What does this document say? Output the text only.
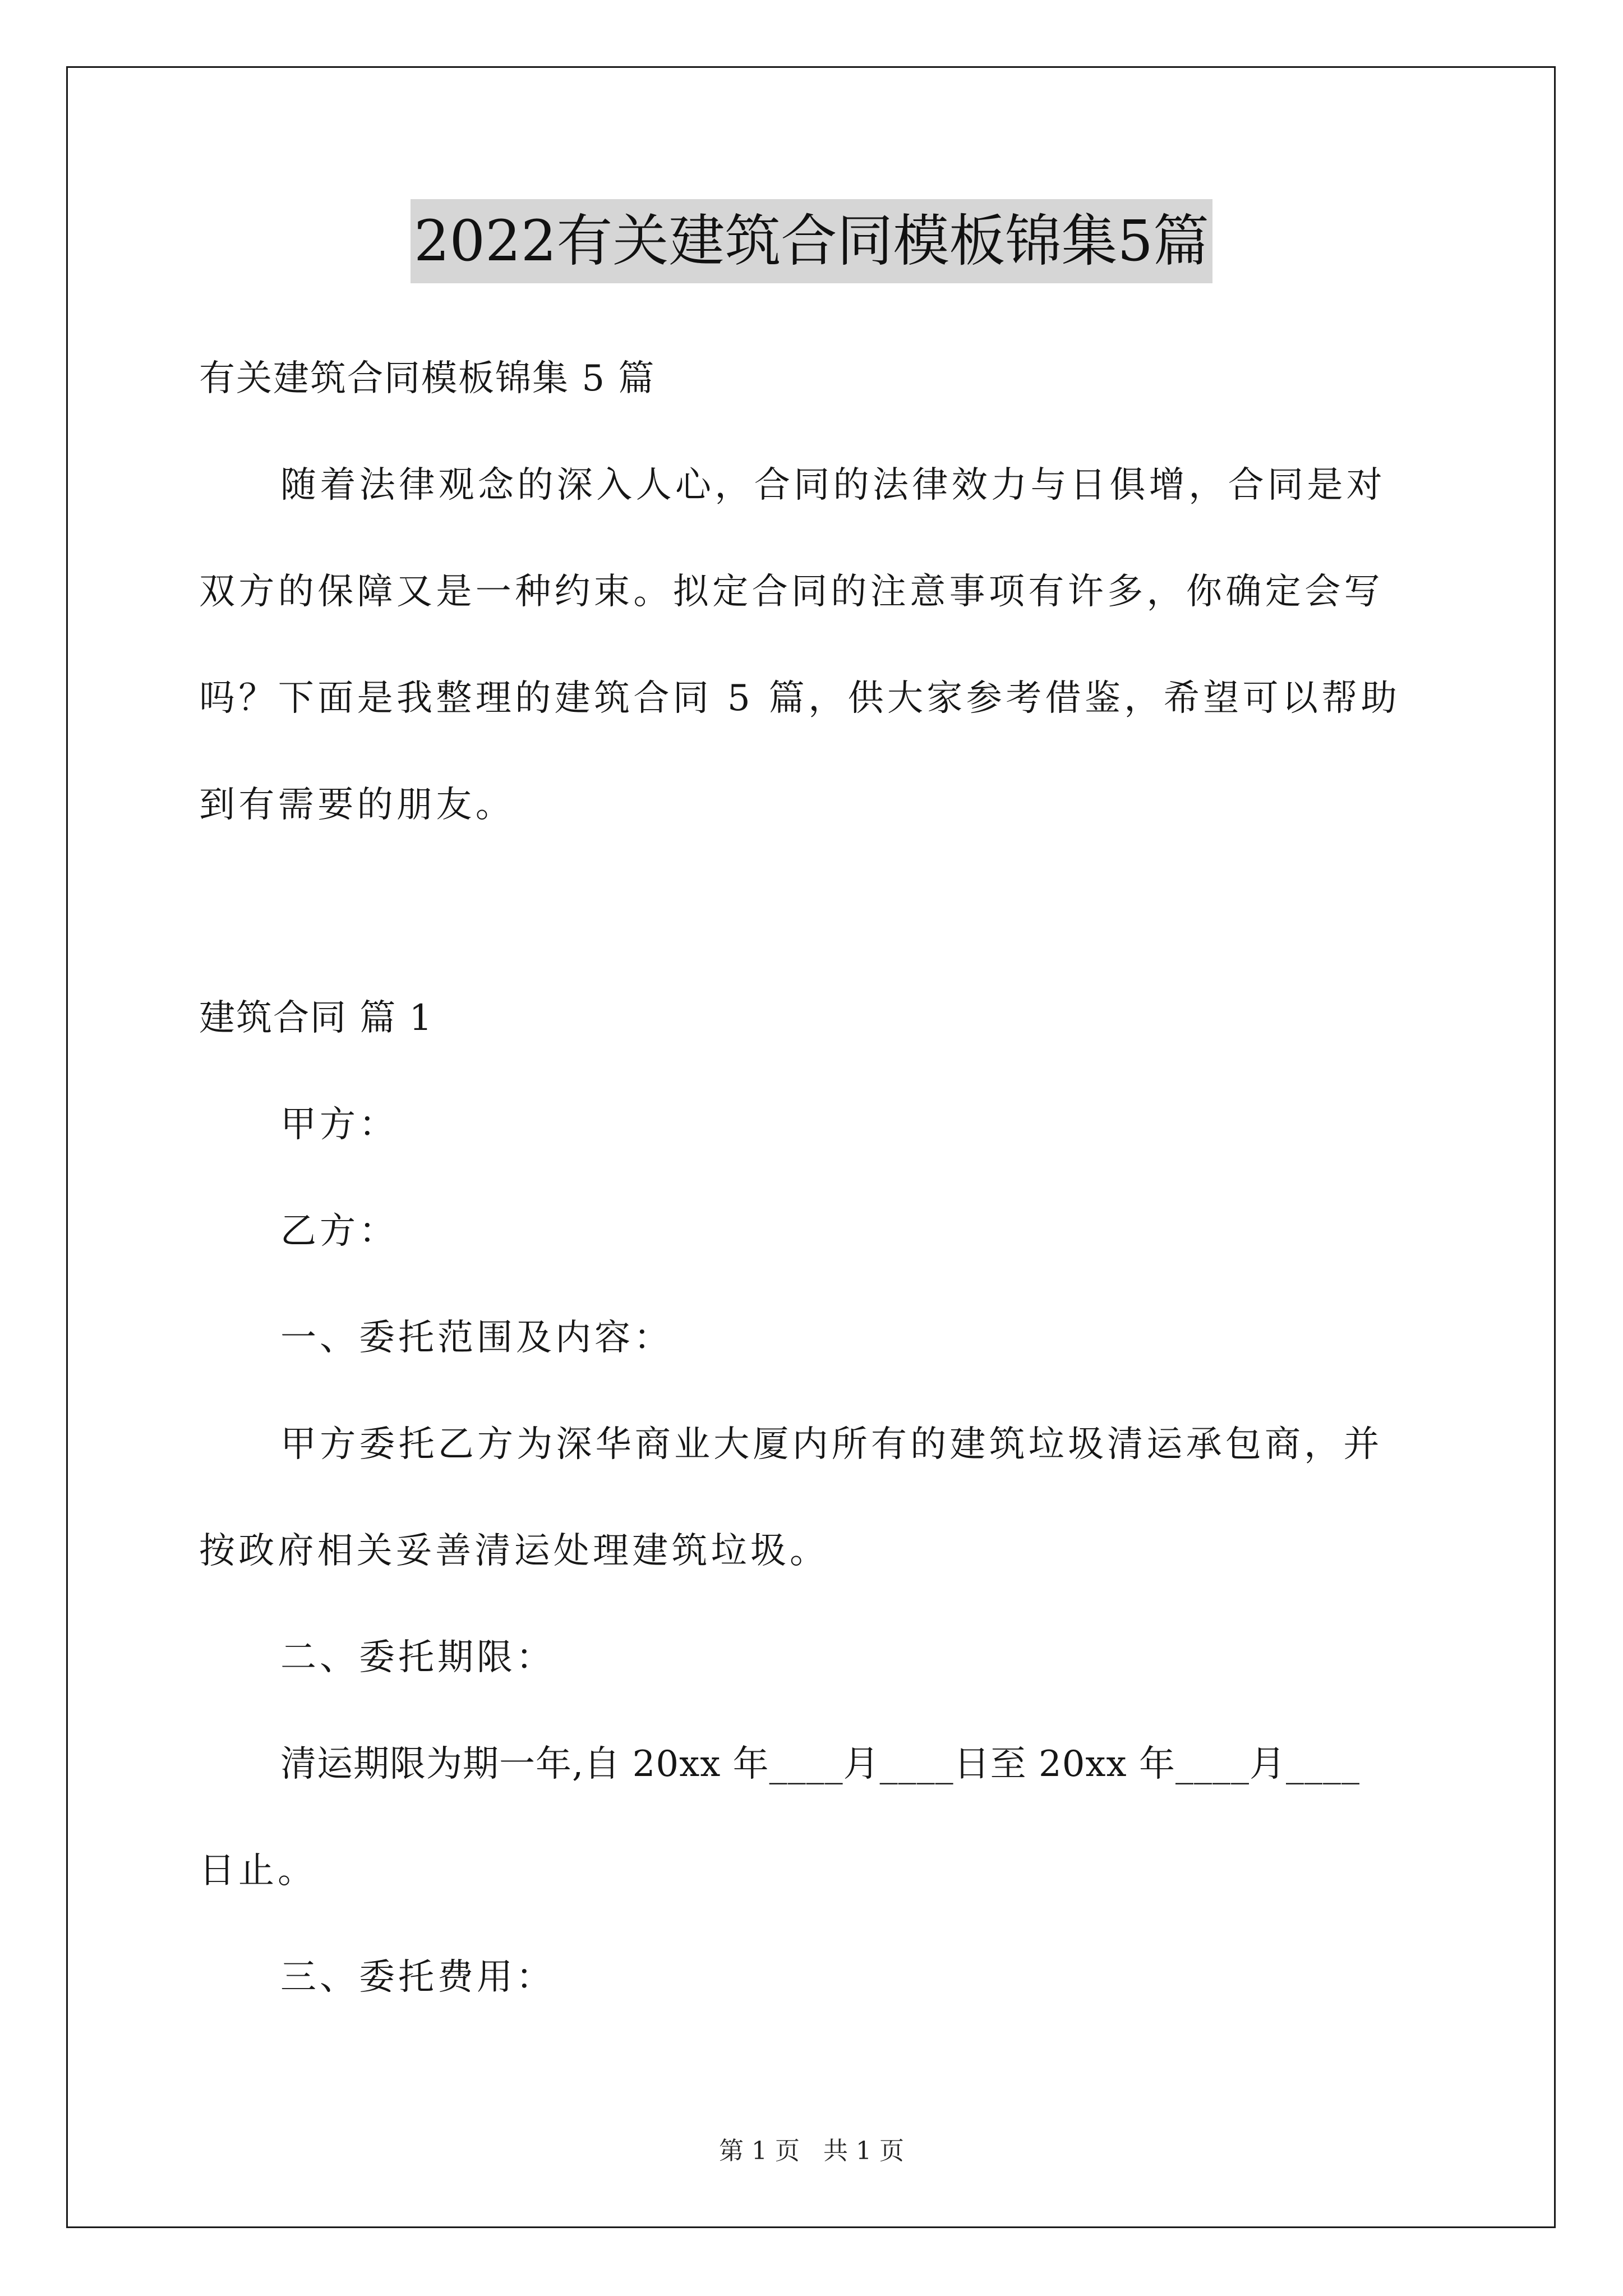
2022有关建筑合同模板锦集5篇
有关建筑合同模板锦集 5 篇
随着法律观念的深入人心，合同的法律效力与日俱增，合同是对
双方的保障又是一种约束。拟定合同的注意事项有许多，你确定会写
吗？下面是我整理的建筑合同 5 篇，供大家参考借鉴，希望可以帮助
到有需要的朋友。
建筑合同 篇 1
甲方：
乙方：
一、委托范围及内容：
甲方委托乙方为深华商业大厦内所有的建筑垃圾清运承包商，并
按政府相关妥善清运处理建筑垃圾。
二、委托期限：
清运期限为期一年,自 20xx 年____月____日至 20xx 年____月____
日止。
三、委托费用：
第 1 页   共 1 页
